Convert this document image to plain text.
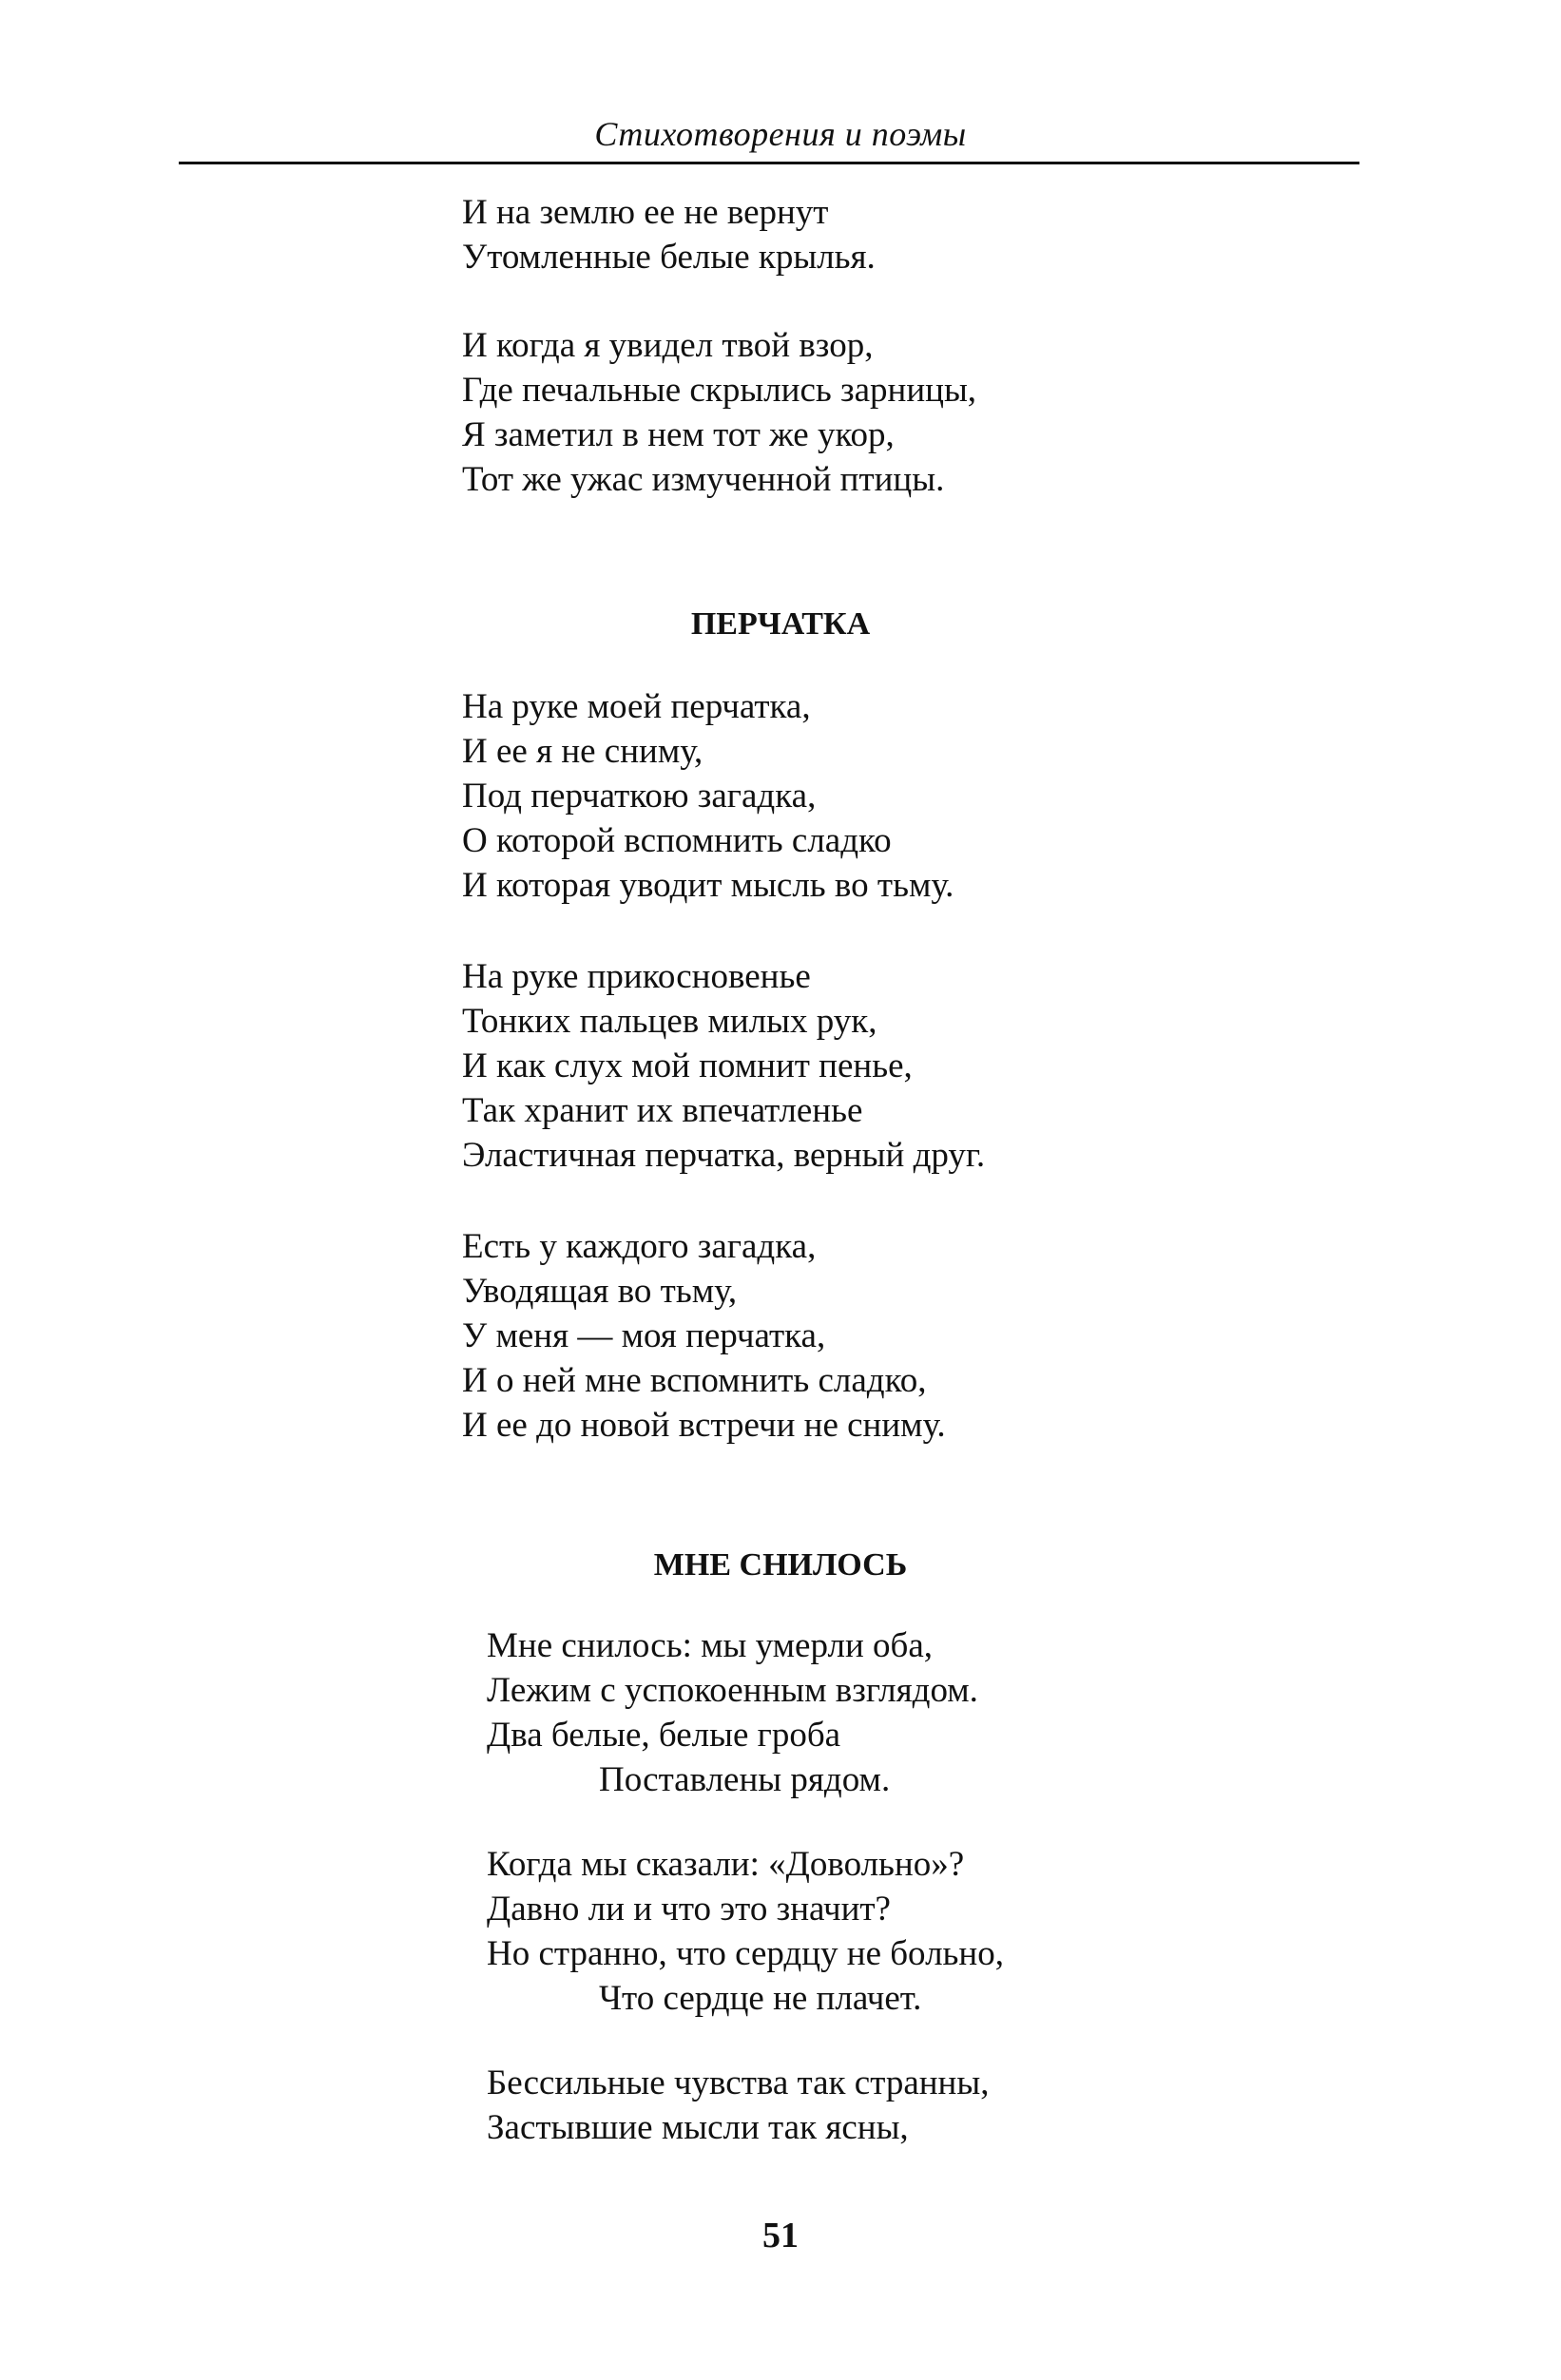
Стихотворения и поэмы
И на землю ее не вернут
Утомленные белые крылья.
И когда я увидел твой взор,
Где печальные скрылись зарницы,
Я заметил в нем тот же укор,
Тот же ужас измученной птицы.
ПЕРЧАТКА
На руке моей перчатка,
И ее я не сниму,
Под перчаткою загадка,
О которой вспомнить сладко
И которая уводит мысль во тьму.
На руке прикосновенье
Тонких пальцев милых рук,
И как слух мой помнит пенье,
Так хранит их впечатленье
Эластичная перчатка, верный друг.
Есть у каждого загадка,
Уводящая во тьму,
У меня — моя перчатка,
И о ней мне вспомнить сладко,
И ее до новой встречи не сниму.
МНЕ СНИЛОСЬ
Мне снилось: мы умерли оба,
Лежим с успокоенным взглядом.
Два белые, белые гроба
Поставлены рядом.
Когда мы сказали: «Довольно»?
Давно ли и что это значит?
Но странно, что сердцу не больно,
Что сердце не плачет.
Бессильные чувства так странны,
Застывшие мысли так ясны,
51
